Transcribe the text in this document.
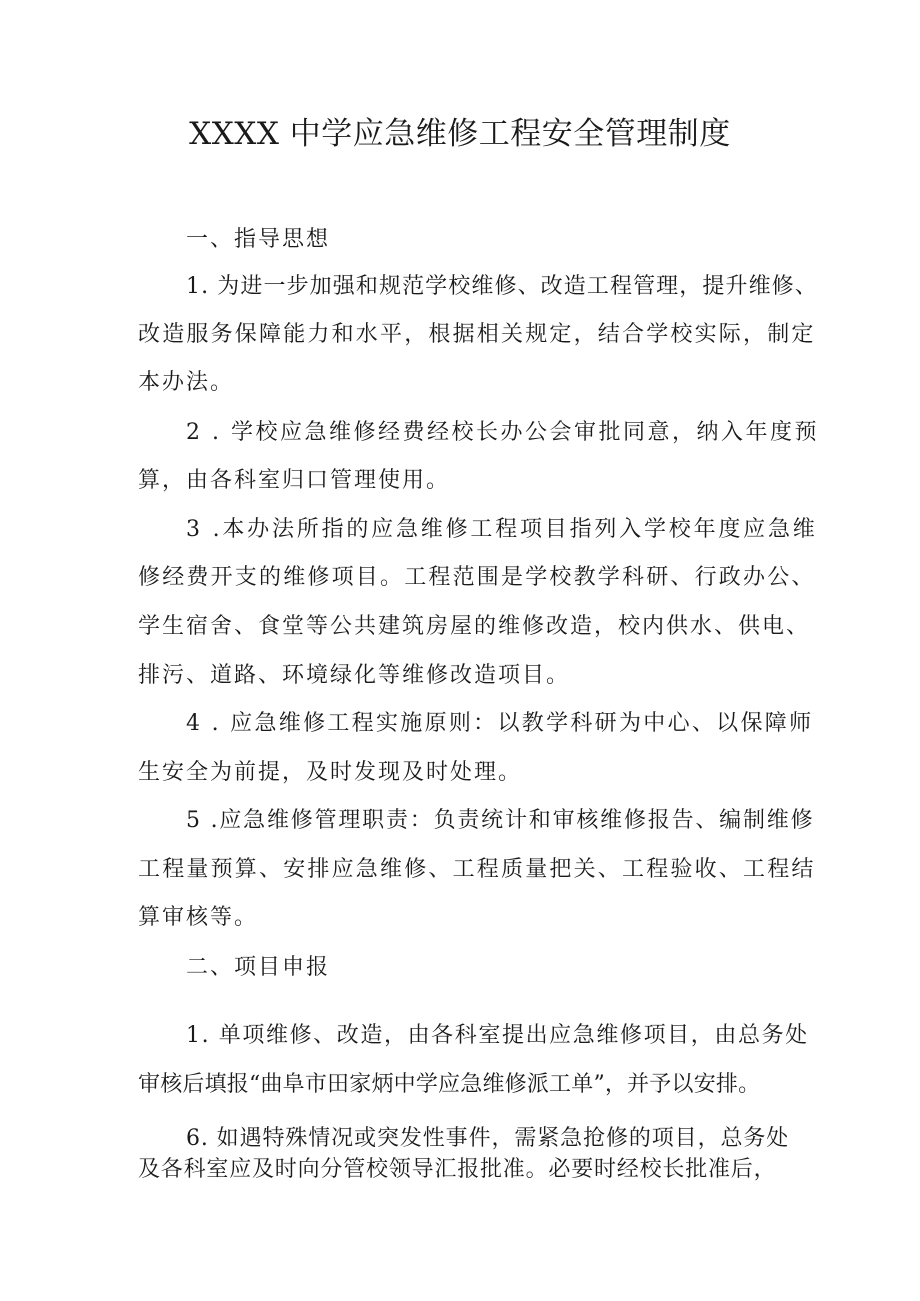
XXXX 中学应急维修工程安全管理制度

一、指导思想

1. 为进一步加强和规范学校维修、改造工程管理，提升维修、

改造服务保障能力和水平，根据相关规定，结合学校实际，制定

本办法。

2 . 学校应急维修经费经校长办公会审批同意，纳入年度预

算，由各科室归口管理使用。

3 .本办法所指的应急维修工程项目指列入学校年度应急维

修经费开支的维修项目。工程范围是学校教学科研、行政办公、

学生宿舍、食堂等公共建筑房屋的维修改造，校内供水、供电、

排污、道路、环境绿化等维修改造项目。

4 . 应急维修工程实施原则：以教学科研为中心、以保障师

生安全为前提，及时发现及时处理。

5 .应急维修管理职责：负责统计和审核维修报告、编制维修

工程量预算、安排应急维修、工程质量把关、工程验收、工程结

算审核等。

二、项目申报

1. 单项维修、改造，由各科室提出应急维修项目，由总务处

审核后填报“曲阜市田家炳中学应急维修派工单”，并予以安排。

6. 如遇特殊情况或突发性事件，需紧急抢修的项目，总务处

及各科室应及时向分管校领导汇报批准。必要时经校长批准后，
